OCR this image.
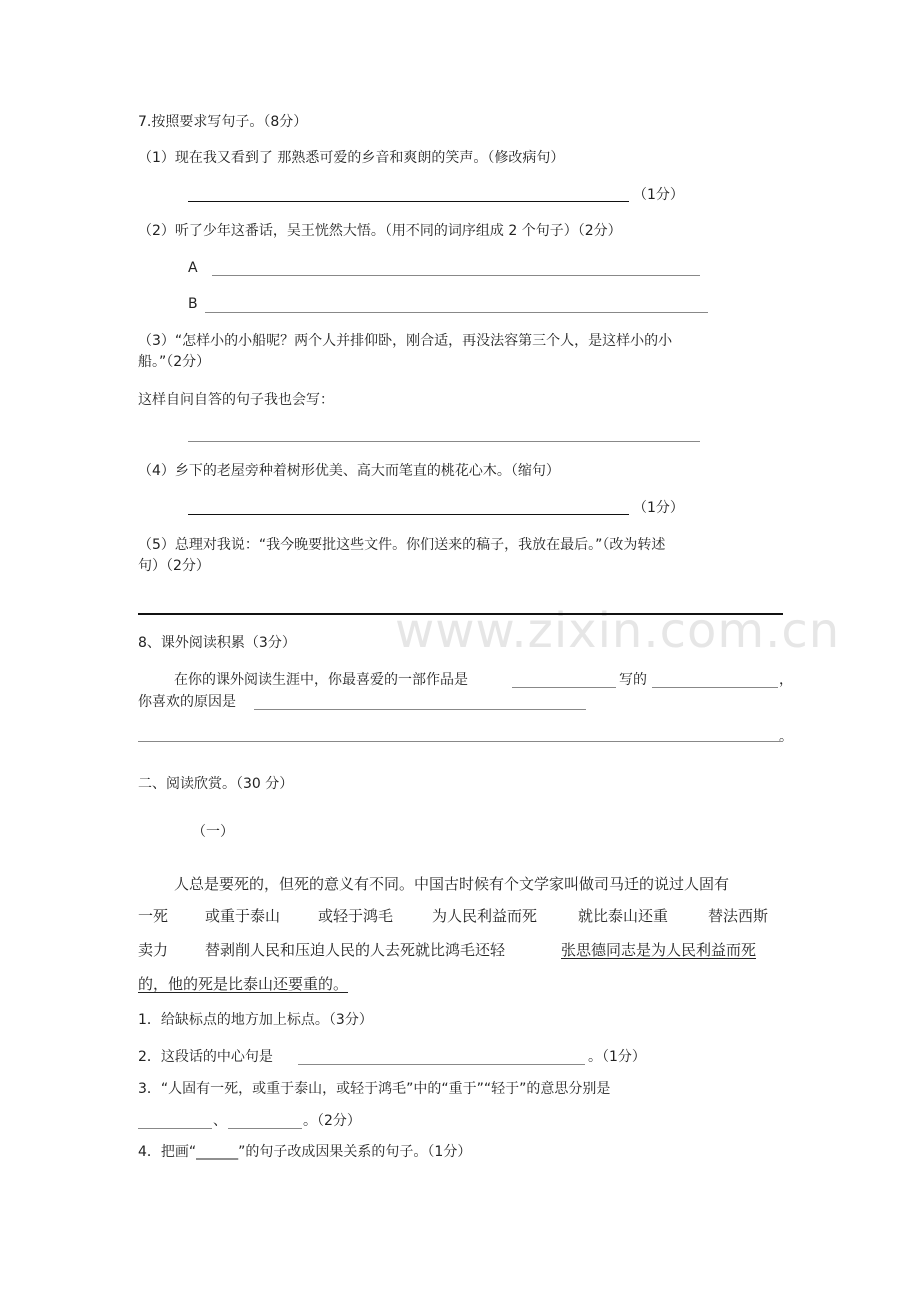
www.zixin.com.cn
7.按照要求写句子。（8分）
（1）现在我又看到了 那熟悉可爱的乡音和爽朗的笑声。（修改病句）
（1分）
（2）听了少年这番话，吴王恍然大悟。（用不同的词序组成 2 个句子）（2分）
A
B
（3）“怎样小的小船呢？两个人并排仰卧，刚合适，再没法容第三个人，是这样小的小
船。”（2分）
这样自问自答的句子我也会写：
（4）乡下的老屋旁种着树形优美、高大而笔直的桃花心木。（缩句）
（1分）
（5）总理对我说：“我今晚要批这些文件。你们送来的稿子，我放在最后。”（改为转述
句）（2分）
8、课外阅读积累（3分）
在你的课外阅读生涯中，你最喜爱的一部作品是	写的	，
你喜欢的原因是
。
二、阅读欣赏。（30 分）
（一）
人总是要死的，但死的意义有不同。中国古时候有个文学家叫做司马迁的说过人固有
一死 或重于泰山	或轻于鸿毛	为人民利益而死	就比泰山还重	替法西斯
卖力 替剥削人民和压迫人民的人去死就比鸿毛还轻	张思德同志是为人民利益而死
的，他的死是比泰山还要重的。
1．给缺标点的地方加上标点。（3分）
2．这段话的中心句是	。（1分）
3．“人固有一死，或重于泰山，或轻于鸿毛”中的“重于”“轻于”的意思分别是
、	。（2分）
4．把画“______”的句子改成因果关系的句子。（1分）
